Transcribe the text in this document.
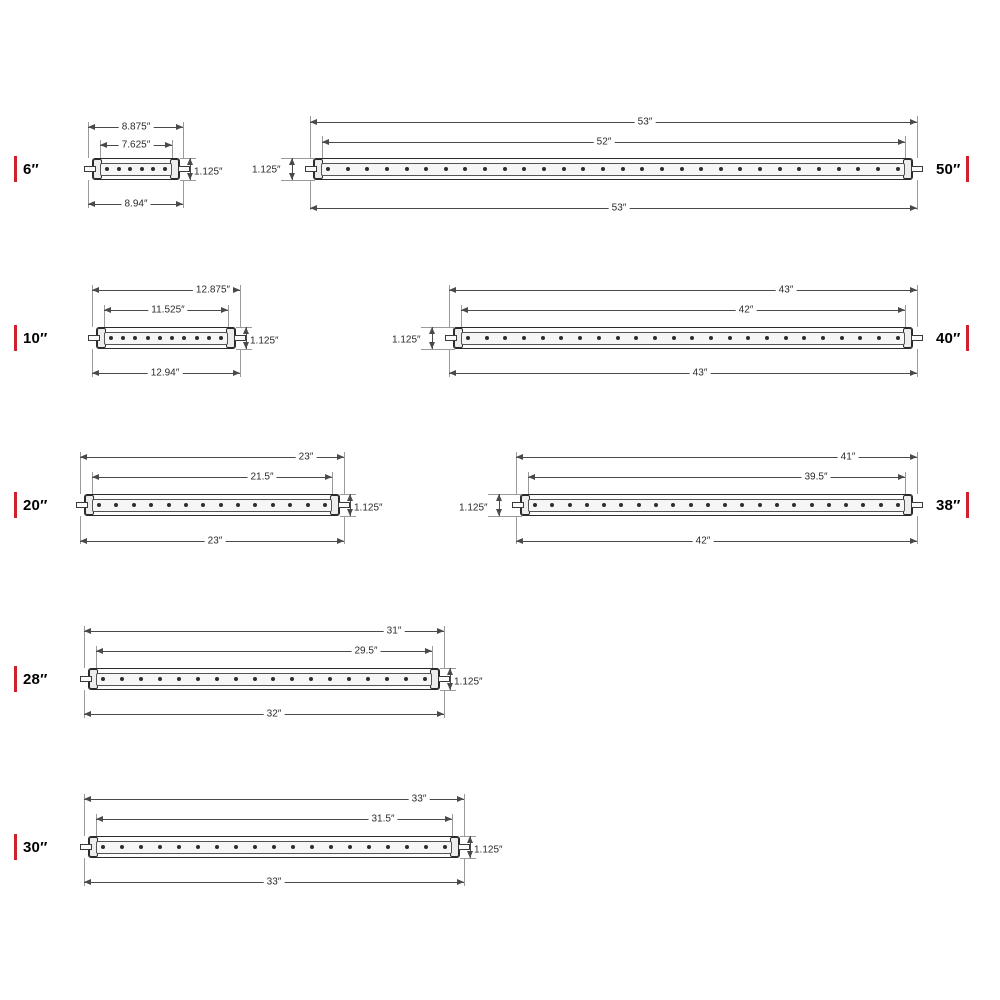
6″
8.875″
7.625″
1.125″
8.94″
50″
53″
52″
1.125″
53″
10″
12.875″
11.525″
1.125″
12.94″
40″
43″
42″
1.125″
43″
20″
23″
21.5″
1.125″
23″
38″
41″
39.5″
1.125″
42″
28″
31″
29.5″
1.125″
32″
30″
33″
31.5″
1.125″
33″
